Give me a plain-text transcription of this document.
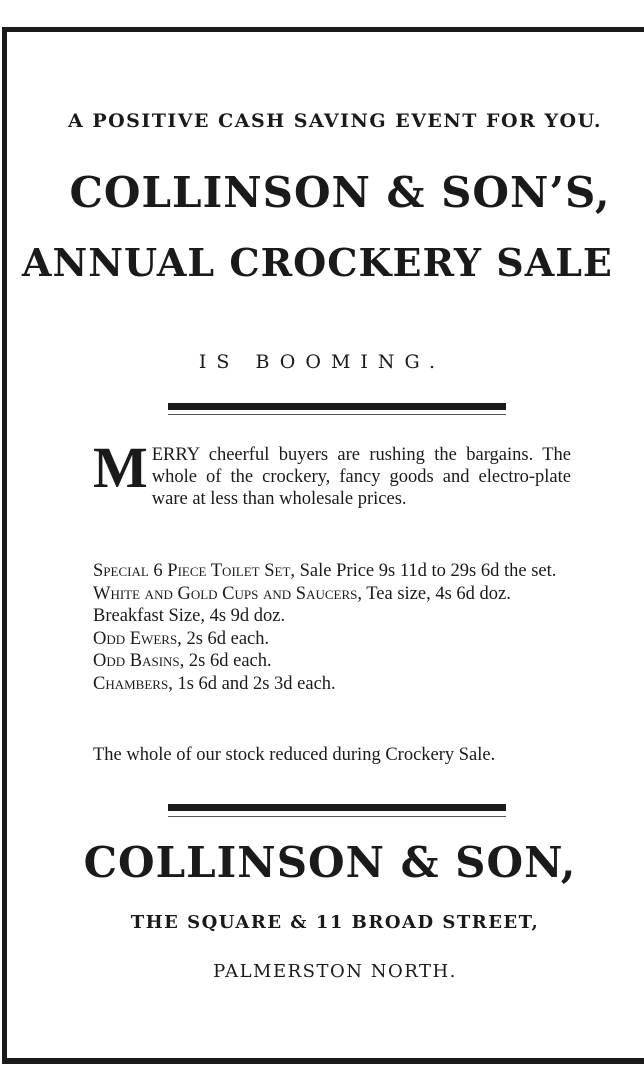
A POSITIVE CASH SAVING EVENT FOR YOU.
COLLINSON & SON’S,
ANNUAL CROCKERY SALE
IS BOOMING.
MERRY cheerful buyers are rushing the bargains. The whole of the crockery, fancy goods and electro-plate ware at less than wholesale prices.

Special 6 Piece Toilet Set, Sale Price 9s 11d to 29s 6d the set.

White and Gold Cups and Saucers, Tea size, 4s 6d doz. Breakfast Size, 4s 9d doz.

Odd Ewers, 2s 6d each.

Odd Basins, 2s 6d each.

Chambers, 1s 6d and 2s 3d each.

The whole of our stock reduced during Crockery Sale.
COLLINSON & SON,
THE SQUARE & 11 BROAD STREET,
PALMERSTON NORTH.
